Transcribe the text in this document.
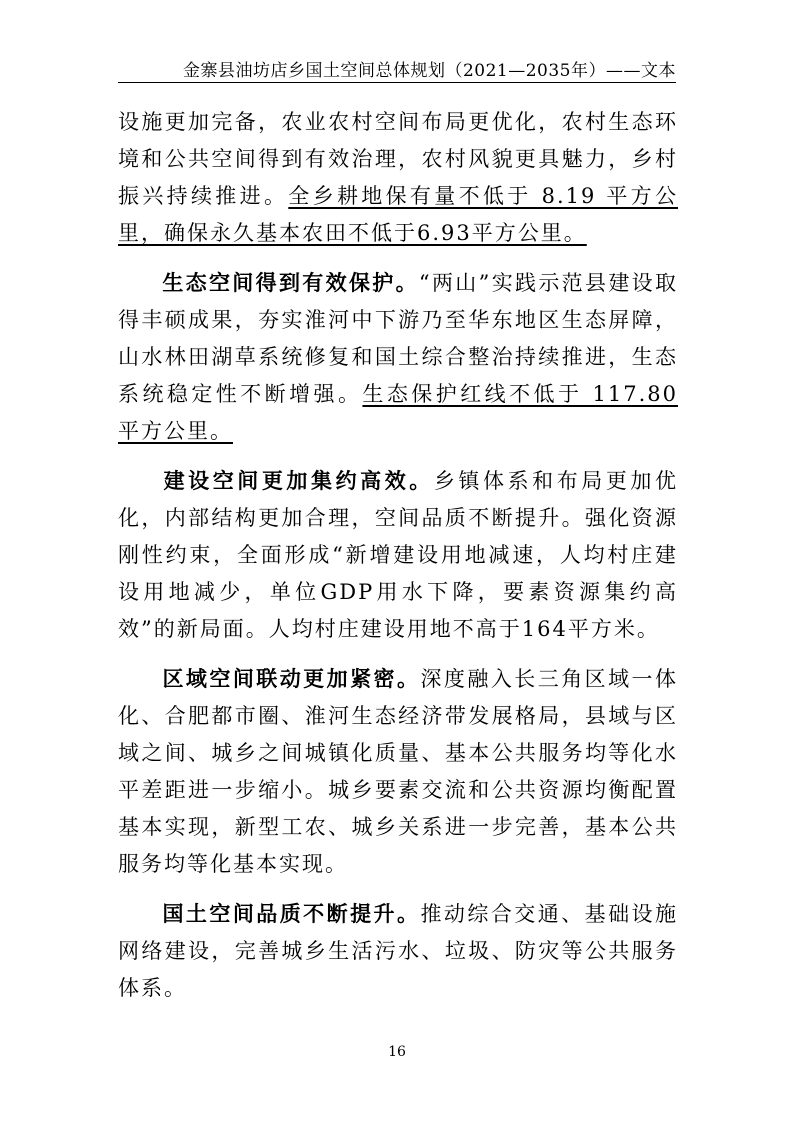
金寨县油坊店乡国土空间总体规划（2021—2035年）——文本

设施更加完备，农业农村空间布局更优化，农村生态环境和公共空间得到有效治理，农村风貌更具魅力，乡村振兴持续推进。全乡耕地保有量不低于 8.19 平方公里，确保永久基本农田不低于6.93平方公里。

生态空间得到有效保护。“两山”实践示范县建设取得丰硕成果，夯实淮河中下游乃至华东地区生态屏障，山水林田湖草系统修复和国土综合整治持续推进，生态系统稳定性不断增强。生态保护红线不低于 117.80 平方公里。

建设空间更加集约高效。乡镇体系和布局更加优化，内部结构更加合理，空间品质不断提升。强化资源刚性约束，全面形成“新增建设用地减速，人均村庄建设用地减少，单位GDP用水下降，要素资源集约高效”的新局面。人均村庄建设用地不高于164平方米。

区域空间联动更加紧密。深度融入长三角区域一体化、合肥都市圈、淮河生态经济带发展格局，县域与区域之间、城乡之间城镇化质量、基本公共服务均等化水平差距进一步缩小。城乡要素交流和公共资源均衡配置基本实现，新型工农、城乡关系进一步完善，基本公共服务均等化基本实现。

国土空间品质不断提升。推动综合交通、基础设施网络建设，完善城乡生活污水、垃圾、防灾等公共服务体系。

16
